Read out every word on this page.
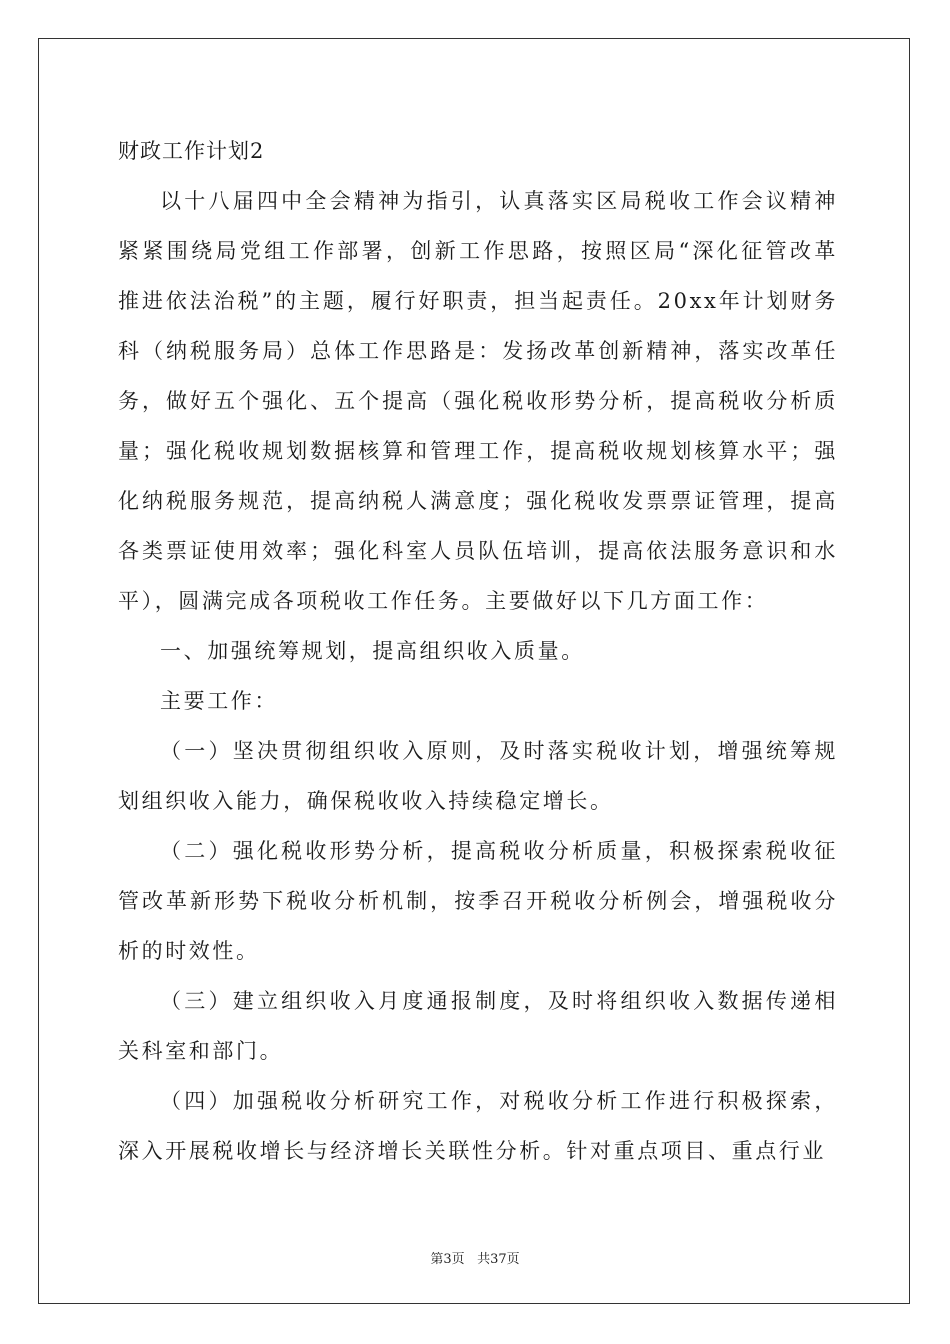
财政工作计划2

以十八届四中全会精神为指引，认真落实区局税收工作会议精神紧紧围绕局党组工作部署，创新工作思路，按照区局“深化征管改革推进依法治税”的主题，履行好职责，担当起责任。20xx年计划财务科（纳税服务局）总体工作思路是：发扬改革创新精神，落实改革任务，做好五个强化、五个提高（强化税收形势分析，提高税收分析质量；强化税收规划数据核算和管理工作，提高税收规划核算水平；强化纳税服务规范，提高纳税人满意度；强化税收发票票证管理，提高各类票证使用效率；强化科室人员队伍培训，提高依法服务意识和水平），圆满完成各项税收工作任务。主要做好以下几方面工作：

一、加强统筹规划，提高组织收入质量。

主要工作：

（一）坚决贯彻组织收入原则，及时落实税收计划，增强统筹规划组织收入能力，确保税收收入持续稳定增长。

（二）强化税收形势分析，提高税收分析质量，积极探索税收征管改革新形势下税收分析机制，按季召开税收分析例会，增强税收分析的时效性。

（三）建立组织收入月度通报制度，及时将组织收入数据传递相关科室和部门。

（四）加强税收分析研究工作，对税收分析工作进行积极探索，深入开展税收增长与经济增长关联性分析。针对重点项目、重点行业

第3页 共37页
